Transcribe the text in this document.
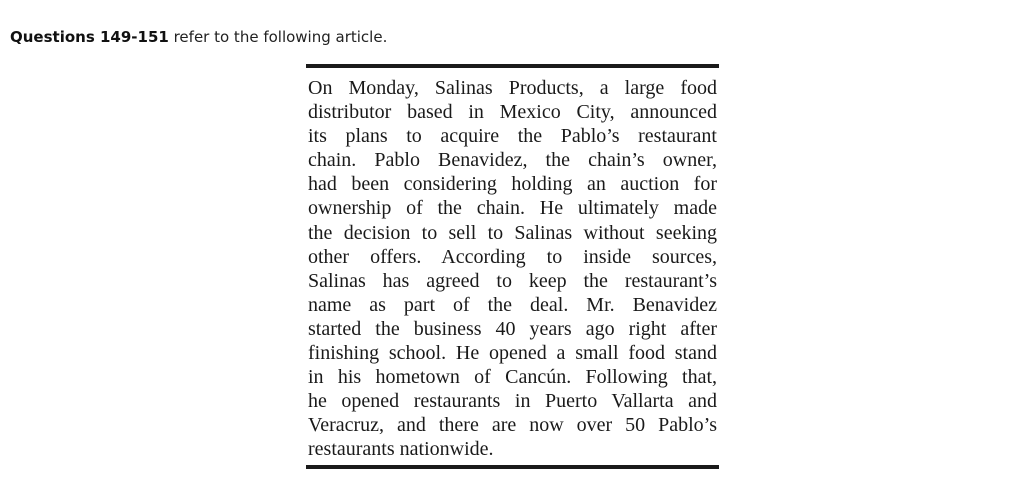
Questions 149-151 refer to the following article.
On Monday, Salinas Products, a large food
distributor based in Mexico City, announced
its plans to acquire the Pablo’s restaurant
chain. Pablo Benavidez, the chain’s owner,
had been considering holding an auction for
ownership of the chain. He ultimately made
the decision to sell to Salinas without seeking
other offers. According to inside sources,
Salinas has agreed to keep the restaurant’s
name as part of the deal. Mr. Benavidez
started the business 40 years ago right after
finishing school. He opened a small food stand
in his hometown of Cancún. Following that,
he opened restaurants in Puerto Vallarta and
Veracruz, and there are now over 50 Pablo’s
restaurants nationwide.
